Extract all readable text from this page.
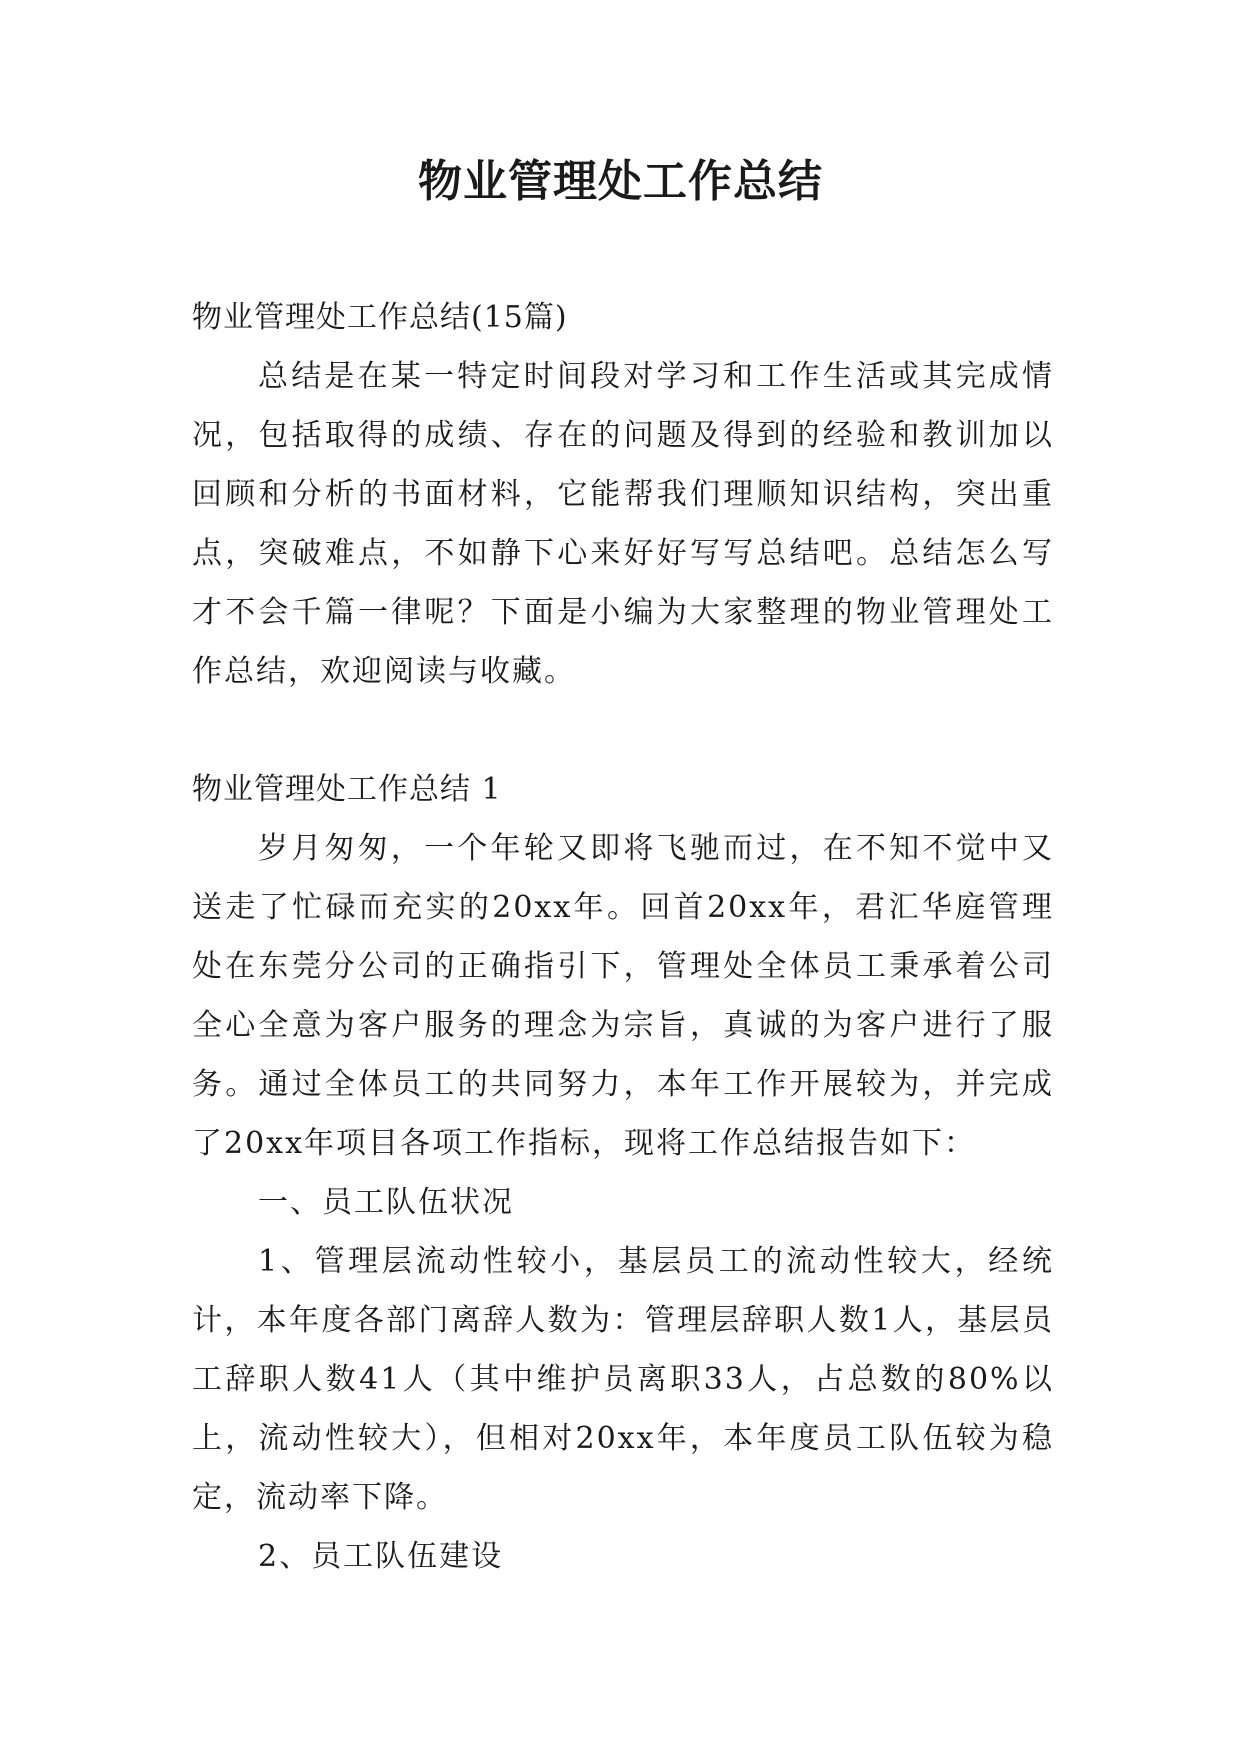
物业管理处工作总结

物业管理处工作总结(15篇)

总结是在某一特定时间段对学习和工作生活或其完成情况，包括取得的成绩、存在的问题及得到的经验和教训加以回顾和分析的书面材料，它能帮我们理顺知识结构，突出重点，突破难点，不如静下心来好好写写总结吧。总结怎么写才不会千篇一律呢？下面是小编为大家整理的物业管理处工作总结，欢迎阅读与收藏。

物业管理处工作总结 1

岁月匆匆，一个年轮又即将飞驰而过，在不知不觉中又送走了忙碌而充实的20xx年。回首20xx年，君汇华庭管理处在东莞分公司的正确指引下，管理处全体员工秉承着公司全心全意为客户服务的理念为宗旨，真诚的为客户进行了服务。通过全体员工的共同努力，本年工作开展较为，并完成了20xx年项目各项工作指标，现将工作总结报告如下：

一、员工队伍状况

1、管理层流动性较小，基层员工的流动性较大，经统计，本年度各部门离辞人数为：管理层辞职人数1人，基层员工辞职人数41人（其中维护员离职33人，占总数的80%以上，流动性较大），但相对20xx年，本年度员工队伍较为稳定，流动率下降。

2、员工队伍建设
